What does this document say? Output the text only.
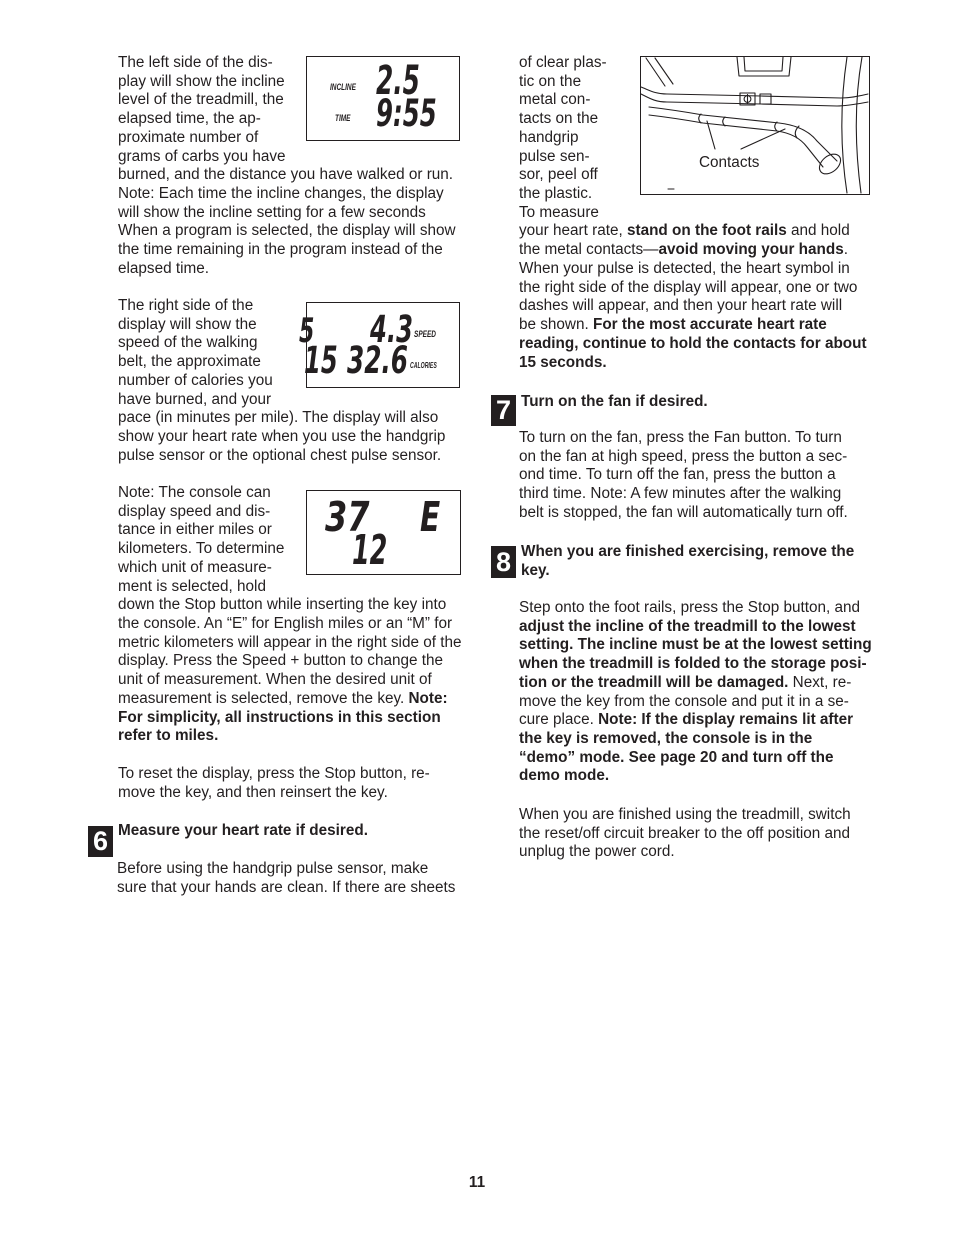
The left side of the dis-
play will show the incline
level of the treadmill, the
elapsed time, the ap-
proximate number of
grams of carbs you have
burned, and the distance you have walked or run.
Note: Each time the incline changes, the display
will show the incline setting for a few seconds
When a program is selected, the display will show
the time remaining in the program instead of the
elapsed time.
INCLINE 2.5
TIME 9:55
The right side of the
display will show the
speed of the walking
belt, the approximate
number of calories you
have burned, and your
pace (in minutes per mile). The display will also
show your heart rate when you use the handgrip
pulse sensor or the optional chest pulse sensor.
5 4.3 SPEED
15 32.6 CALORIES
Note: The console can
display speed and dis-
tance in either miles or
kilometers. To determine
which unit of measure-
ment is selected, hold
down the Stop button while inserting the key into
the console. An “E” for English miles or an “M” for
metric kilometers will appear in the right side of the
display. Press the Speed + button to change the
unit of measurement. When the desired unit of
measurement is selected, remove the key. Note:
For simplicity, all instructions in this section
refer to miles.
37 E
12
To reset the display, press the Stop button, re-
move the key, and then reinsert the key.
6 Measure your heart rate if desired.
Before using the handgrip pulse sensor, make
sure that your hands are clean. If there are sheets
of clear plas-
tic on the
metal con-
tacts on the
handgrip
pulse sen-
sor, peel off
the plastic.
To measure
your heart rate, stand on the foot rails and hold
the metal contacts—avoid moving your hands.
When your pulse is detected, the heart symbol in
the right side of the display will appear, one or two
dashes will appear, and then your heart rate will
be shown. For the most accurate heart rate
reading, continue to hold the contacts for about
15 seconds.
Contacts
7 Turn on the fan if desired.
To turn on the fan, press the Fan button. To turn
on the fan at high speed, press the button a sec-
ond time. To turn off the fan, press the button a
third time. Note: A few minutes after the walking
belt is stopped, the fan will automatically turn off.
8 When you are finished exercising, remove the
key.
Step onto the foot rails, press the Stop button, and
adjust the incline of the treadmill to the lowest
setting. The incline must be at the lowest setting
when the treadmill is folded to the storage posi-
tion or the treadmill will be damaged. Next, re-
move the key from the console and put it in a se-
cure place. Note: If the display remains lit after
the key is removed, the console is in the
“demo” mode. See page 20 and turn off the
demo mode.
When you are finished using the treadmill, switch
the reset/off circuit breaker to the off position and
unplug the power cord.
11
